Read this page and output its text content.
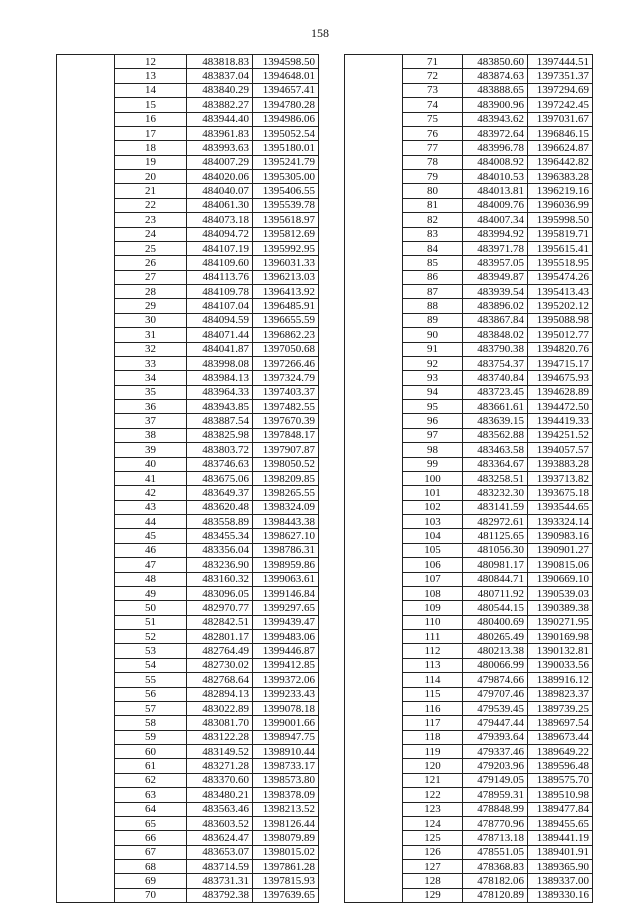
158
	12	483818.83	1394598.50
	13	483837.04	1394648.01
	14	483840.29	1394657.41
	15	483882.27	1394780.28
	16	483944.40	1394986.06
	17	483961.83	1395052.54
	18	483993.63	1395180.01
	19	484007.29	1395241.79
	20	484020.06	1395305.00
	21	484040.07	1395406.55
	22	484061.30	1395539.78
	23	484073.18	1395618.97
	24	484094.72	1395812.69
	25	484107.19	1395992.95
	26	484109.60	1396031.33
	27	484113.76	1396213.03
	28	484109.78	1396413.92
	29	484107.04	1396485.91
	30	484094.59	1396655.59
	31	484071.44	1396862.23
	32	484041.87	1397050.68
	33	483998.08	1397266.46
	34	483984.13	1397324.79
	35	483964.33	1397403.37
	36	483943.85	1397482.55
	37	483887.54	1397670.39
	38	483825.98	1397848.17
	39	483803.72	1397907.87
	40	483746.63	1398050.52
	41	483675.06	1398209.85
	42	483649.37	1398265.55
	43	483620.48	1398324.09
	44	483558.89	1398443.38
	45	483455.34	1398627.10
	46	483356.04	1398786.31
	47	483236.90	1398959.86
	48	483160.32	1399063.61
	49	483096.05	1399146.84
	50	482970.77	1399297.65
	51	482842.51	1399439.47
	52	482801.17	1399483.06
	53	482764.49	1399446.87
	54	482730.02	1399412.85
	55	482768.64	1399372.06
	56	482894.13	1399233.43
	57	483022.89	1399078.18
	58	483081.70	1399001.66
	59	483122.28	1398947.75
	60	483149.52	1398910.44
	61	483271.28	1398733.17
	62	483370.60	1398573.80
	63	483480.21	1398378.09
	64	483563.46	1398213.52
	65	483603.52	1398126.44
	66	483624.47	1398079.89
	67	483653.07	1398015.02
	68	483714.59	1397861.28
	69	483731.31	1397815.93
	70	483792.38	1397639.65
	71	483850.60	1397444.51
	72	483874.63	1397351.37
	73	483888.65	1397294.69
	74	483900.96	1397242.45
	75	483943.62	1397031.67
	76	483972.64	1396846.15
	77	483996.78	1396624.87
	78	484008.92	1396442.82
	79	484010.53	1396383.28
	80	484013.81	1396219.16
	81	484009.76	1396036.99
	82	484007.34	1395998.50
	83	483994.92	1395819.71
	84	483971.78	1395615.41
	85	483957.05	1395518.95
	86	483949.87	1395474.26
	87	483939.54	1395413.43
	88	483896.02	1395202.12
	89	483867.84	1395088.98
	90	483848.02	1395012.77
	91	483790.38	1394820.76
	92	483754.37	1394715.17
	93	483740.84	1394675.93
	94	483723.45	1394628.89
	95	483661.61	1394472.50
	96	483639.15	1394419.33
	97	483562.88	1394251.52
	98	483463.58	1394057.57
	99	483364.67	1393883.28
	100	483258.51	1393713.82
	101	483232.30	1393675.18
	102	483141.59	1393544.65
	103	482972.61	1393324.14
	104	481125.65	1390983.16
	105	481056.30	1390901.27
	106	480981.17	1390815.06
	107	480844.71	1390669.10
	108	480711.92	1390539.03
	109	480544.15	1390389.38
	110	480400.69	1390271.95
	111	480265.49	1390169.98
	112	480213.38	1390132.81
	113	480066.99	1390033.56
	114	479874.66	1389916.12
	115	479707.46	1389823.37
	116	479539.45	1389739.25
	117	479447.44	1389697.54
	118	479393.64	1389673.44
	119	479337.46	1389649.22
	120	479203.96	1389596.48
	121	479149.05	1389575.70
	122	478959.31	1389510.98
	123	478848.99	1389477.84
	124	478770.96	1389455.65
	125	478713.18	1389441.19
	126	478551.05	1389401.91
	127	478368.83	1389365.90
	128	478182.06	1389337.00
	129	478120.89	1389330.16
